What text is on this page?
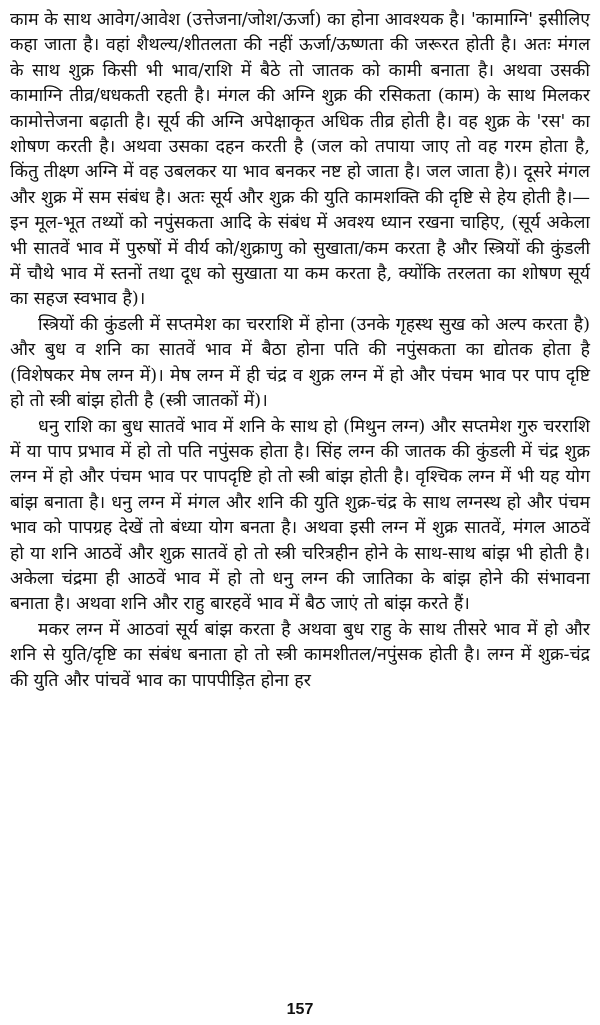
काम के साथ आवेग/आवेश (उत्तेजना/जोश/ऊर्जा) का होना आवश्यक है। 'कामाग्नि' इसीलिए कहा जाता है। वहां शैथल्य/शीतलता की नहीं ऊर्जा/ऊष्णता की जरूरत होती है। अतः मंगल के साथ शुक्र किसी भी भाव/राशि में बैठे तो जातक को कामी बनाता है। अथवा उसकी कामाग्नि तीव्र/धधकती रहती है। मंगल की अग्नि शुक्र की रसिकता (काम) के साथ मिलकर कामोत्तेजना बढ़ाती है। सूर्य की अग्नि अपेक्षाकृत अधिक तीव्र होती है। वह शुक्र के 'रस' का शोषण करती है। अथवा उसका दहन करती है (जल को तपाया जाए तो वह गरम होता है, किंतु तीक्ष्ण अग्नि में वह उबलकर या भाव बनकर नष्ट हो जाता है। जल जाता है)। दूसरे मंगल और शुक्र में सम संबंध है। अतः सूर्य और शुक्र की युति कामशक्ति की दृष्टि से हेय होती है।—इन मूल-भूत तथ्यों को नपुंसकता आदि के संबंध में अवश्य ध्यान रखना चाहिए, (सूर्य अकेला भी सातवें भाव में पुरुषों में वीर्य को/शुक्राणु को सुखाता/कम करता है और स्त्रियों की कुंडली में चौथे भाव में स्तनों तथा दूध को सुखाता या कम करता है, क्योंकि तरलता का शोषण सूर्य का सहज स्वभाव है)।

स्त्रियों की कुंडली में सप्तमेश का चरराशि में होना (उनके गृहस्थ सुख को अल्प करता है) और बुध व शनि का सातवें भाव में बैठा होना पति की नपुंसकता का द्योतक होता है (विशेषकर मेष लग्न में)। मेष लग्न में ही चंद्र व शुक्र लग्न में हो और पंचम भाव पर पाप दृष्टि हो तो स्त्री बांझ होती है (स्त्री जातकों में)।

धनु राशि का बुध सातवें भाव में शनि के साथ हो (मिथुन लग्न) और सप्तमेश गुरु चरराशि में या पाप प्रभाव में हो तो पति नपुंसक होता है। सिंह लग्न की जातक की कुंडली में चंद्र शुक्र लग्न में हो और पंचम भाव पर पापदृष्टि हो तो स्त्री बांझ होती है। वृश्चिक लग्न में भी यह योग बांझ बनाता है। धनु लग्न में मंगल और शनि की युति शुक्र-चंद्र के साथ लग्नस्थ हो और पंचम भाव को पापग्रह देखें तो बंध्या योग बनता है। अथवा इसी लग्न में शुक्र सातवें, मंगल आठवें हो या शनि आठवें और शुक्र सातवें हो तो स्त्री चरित्रहीन होने के साथ-साथ बांझ भी होती है। अकेला चंद्रमा ही आठवें भाव में हो तो धनु लग्न की जातिका के बांझ होने की संभावना बनाता है। अथवा शनि और राहु बारहवें भाव में बैठ जाएं तो बांझ करते हैं।

मकर लग्न में आठवां सूर्य बांझ करता है अथवा बुध राहु के साथ तीसरे भाव में हो और शनि से युति/दृष्टि का संबंध बनाता हो तो स्त्री कामशीतल/नपुंसक होती है। लग्न में शुक्र-चंद्र की युति और पांचवें भाव का पापपीड़ित होना हर

157
